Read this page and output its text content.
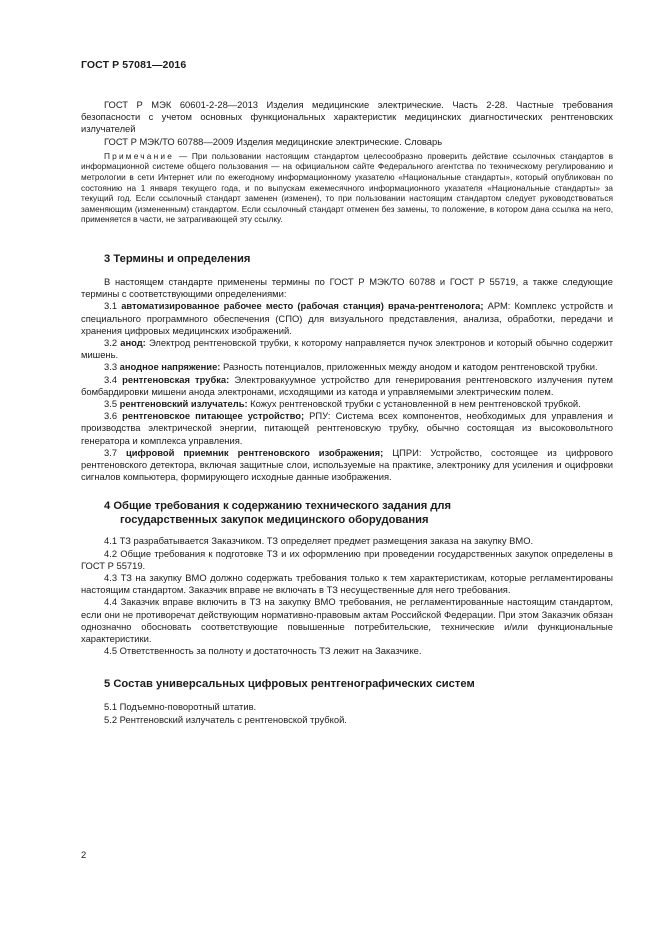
ГОСТ Р 57081—2016

ГОСТ Р МЭК 60601-2-28—2013 Изделия медицинские электрические. Часть 2-28. Частные требования безопасности с учетом основных функциональных характеристик медицинских диагностических рентгеновских излучателей

ГОСТ Р МЭК/ТО 60788—2009 Изделия медицинские электрические. Словарь

Примечание — При пользовании настоящим стандартом целесообразно проверить действие ссылочных стандартов в информационной системе общего пользования — на официальном сайте Федерального агентства по техническому регулированию и метрологии в сети Интернет или по ежегодному информационному указателю «Национальные стандарты», который опубликован по состоянию на 1 января текущего года, и по выпускам ежемесячного информационного указателя «Национальные стандарты» за текущий год. Если ссылочный стандарт заменен (изменен), то при пользовании настоящим стандартом следует руководствоваться заменяющим (измененным) стандартом. Если ссылочный стандарт отменен без замены, то положение, в котором дана ссылка на него, применяется в части, не затрагивающей эту ссылку.

3 Термины и определения

В настоящем стандарте применены термины по ГОСТ Р МЭК/ТО 60788 и ГОСТ Р 55719, а также следующие термины с соответствующими определениями:

3.1 автоматизированное рабочее место (рабочая станция) врача-рентгенолога; АРМ: Комплекс устройств и специального программного обеспечения (СПО) для визуального представления, анализа, обработки, передачи и хранения цифровых медицинских изображений.

3.2 анод: Электрод рентгеновской трубки, к которому направляется пучок электронов и который обычно содержит мишень.

3.3 анодное напряжение: Разность потенциалов, приложенных между анодом и катодом рентгеновской трубки.

3.4 рентгеновская трубка: Электровакуумное устройство для генерирования рентгеновского излучения путем бомбардировки мишени анода электронами, исходящими из катода и управляемыми электрическим полем.

3.5 рентгеновский излучатель: Кожух рентгеновской трубки с установленной в нем рентгеновской трубкой.

3.6 рентгеновское питающее устройство; РПУ: Система всех компонентов, необходимых для управления и производства электрической энергии, питающей рентгеновскую трубку, обычно состоящая из высоковольтного генератора и комплекса управления.

3.7 цифровой приемник рентгеновского изображения; ЦПРИ: Устройство, состоящее из цифрового рентгеновского детектора, включая защитные слои, используемые на практике, электронику для усиления и оцифровки сигналов компьютера, формирующего исходные данные изображения.

4 Общие требования к содержанию технического задания для
государственных закупок медицинского оборудования

4.1 ТЗ разрабатывается Заказчиком. ТЗ определяет предмет размещения заказа на закупку ВМО.

4.2 Общие требования к подготовке ТЗ и их оформлению при проведении государственных закупок определены в ГОСТ Р 55719.

4.3 ТЗ на закупку ВМО должно содержать требования только к тем характеристикам, которые регламентированы настоящим стандартом. Заказчик вправе не включать в ТЗ несущественные для него требования.

4.4 Заказчик вправе включить в ТЗ на закупку ВМО требования, не регламентированные настоящим стандартом, если они не противоречат действующим нормативно-правовым актам Российской Федерации. При этом Заказчик обязан однозначно обосновать соответствующие повышенные потребительские, технические и/или функциональные характеристики.

4.5 Ответственность за полноту и достаточность ТЗ лежит на Заказчике.

5 Состав универсальных цифровых рентгенографических систем

5.1 Подъемно-поворотный штатив.

5.2 Рентгеновский излучатель с рентгеновской трубкой.

2
